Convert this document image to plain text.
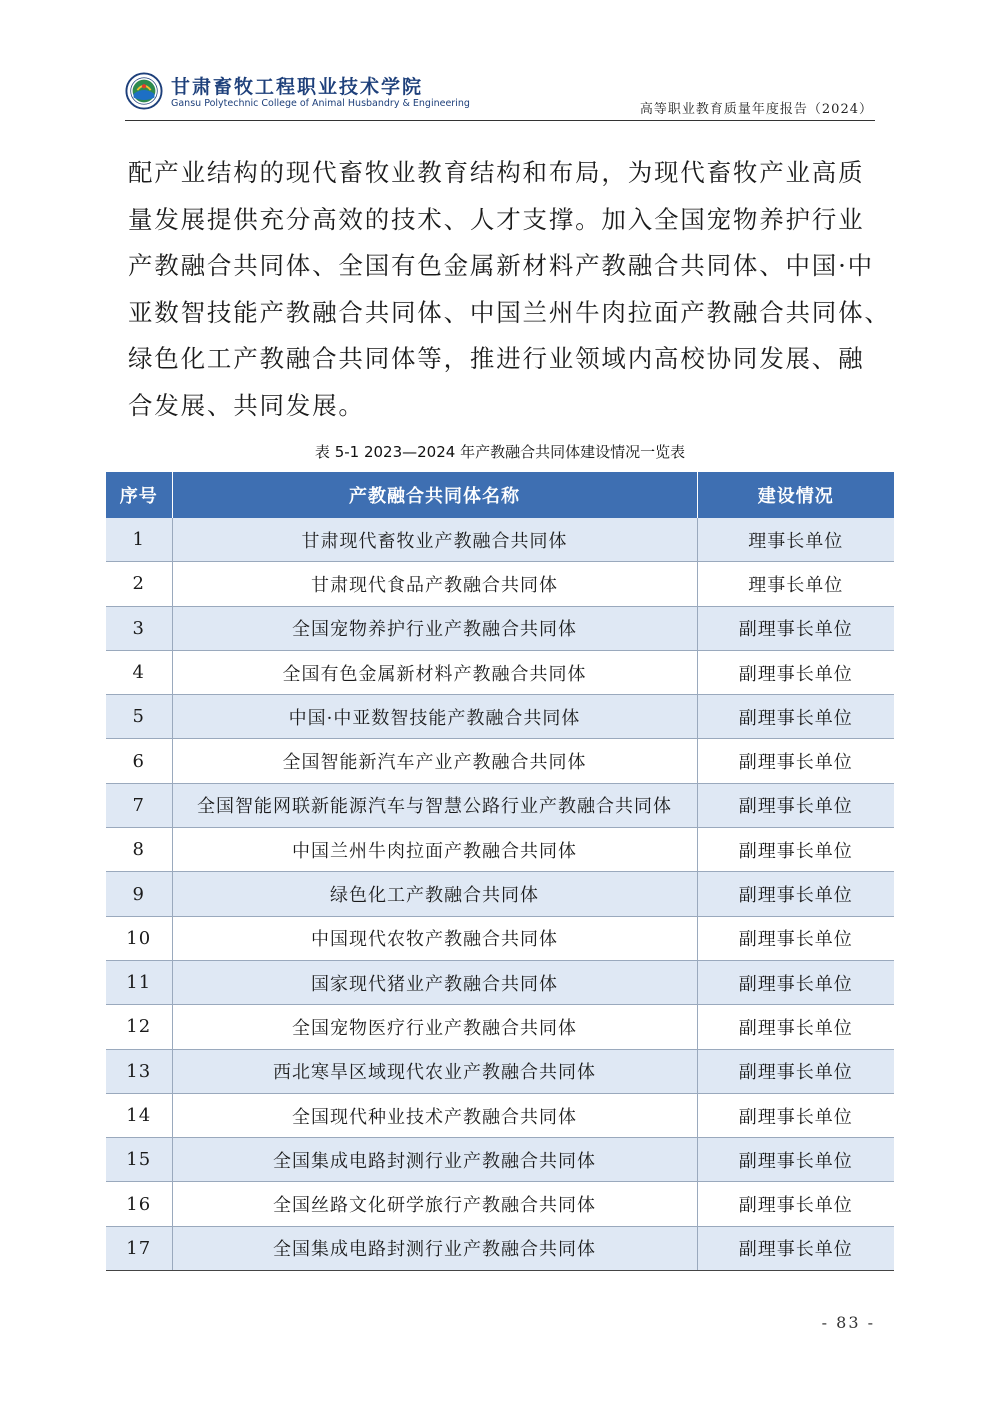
甘肃畜牧工程职业技术学院
Gansu Polytechnic College of Animal Husbandry & Engineering	高等职业教育质量年度报告（2024）
配产业结构的现代畜牧业教育结构和布局，为现代畜牧产业高质
量发展提供充分高效的技术、人才支撑。加入全国宠物养护行业
产教融合共同体、全国有色金属新材料产教融合共同体、中国·中
亚数智技能产教融合共同体、中国兰州牛肉拉面产教融合共同体、
绿色化工产教融合共同体等，推进行业领域内高校协同发展、融
合发展、共同发展。
表 5-1 2023—2024 年产教融合共同体建设情况一览表
序号	产教融合共同体名称	建设情况
1	甘肃现代畜牧业产教融合共同体	理事长单位
2	甘肃现代食品产教融合共同体	理事长单位
3	全国宠物养护行业产教融合共同体	副理事长单位
4	全国有色金属新材料产教融合共同体	副理事长单位
5	中国·中亚数智技能产教融合共同体	副理事长单位
6	全国智能新汽车产业产教融合共同体	副理事长单位
7	全国智能网联新能源汽车与智慧公路行业产教融合共同体	副理事长单位
8	中国兰州牛肉拉面产教融合共同体	副理事长单位
9	绿色化工产教融合共同体	副理事长单位
10	中国现代农牧产教融合共同体	副理事长单位
11	国家现代猪业产教融合共同体	副理事长单位
12	全国宠物医疗行业产教融合共同体	副理事长单位
13	西北寒旱区域现代农业产教融合共同体	副理事长单位
14	全国现代种业技术产教融合共同体	副理事长单位
15	全国集成电路封测行业产教融合共同体	副理事长单位
16	全国丝路文化研学旅行产教融合共同体	副理事长单位
17	全国集成电路封测行业产教融合共同体	副理事长单位
- 83 -
